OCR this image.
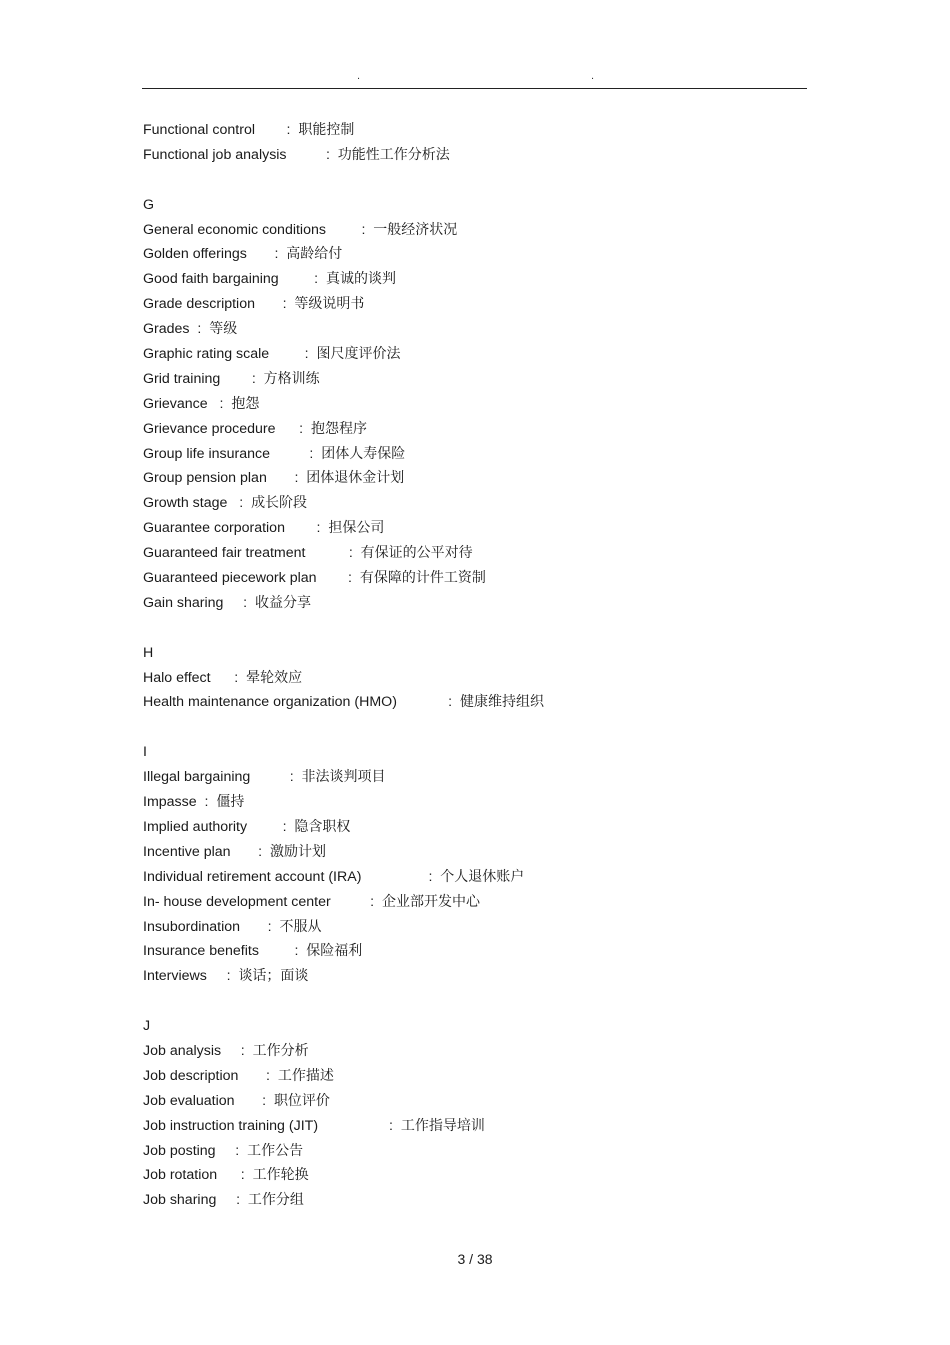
.	.
Functional control        :  职能控制
Functional job analysis          :  功能性工作分析法
G
General economic conditions         :  一般经济状况
Golden offerings       :  高龄给付
Good faith bargaining         :  真诚的谈判
Grade description       :  等级说明书
Grades  :  等级
Graphic rating scale         :  图尺度评价法
Grid training        :  方格训练
Grievance   :  抱怨
Grievance procedure      :  抱怨程序
Group life insurance          :  团体人寿保险
Group pension plan       :  团体退休金计划
Growth stage   :  成长阶段
Guarantee corporation        :  担保公司
Guaranteed fair treatment	:  有保证的公平对待
Guaranteed piecework plan        :  有保障的计件工资制
Gain sharing     :  收益分享
H
Halo effect      :  晕轮效应
Health maintenance organization (HMO)	:  健康维持组织
I
Illegal bargaining          :  非法谈判项目
Impasse  :  僵持
Implied authority         :  隐含职权
Incentive plan       :  激励计划
Individual retirement account (IRA)	:  个人退休账户
In- house development center          :  企业部开发中心
Insubordination       :  不服从
Insurance benefits         :  保险福利
Interviews     :  谈话；面谈
J
Job analysis     :  工作分析
Job description       :  工作描述
Job evaluation       :  职位评价
Job instruction training (JIT)	:  工作指导培训
Job posting     :  工作公告
Job rotation      :  工作轮换
Job sharing     :  工作分组
3 / 38
